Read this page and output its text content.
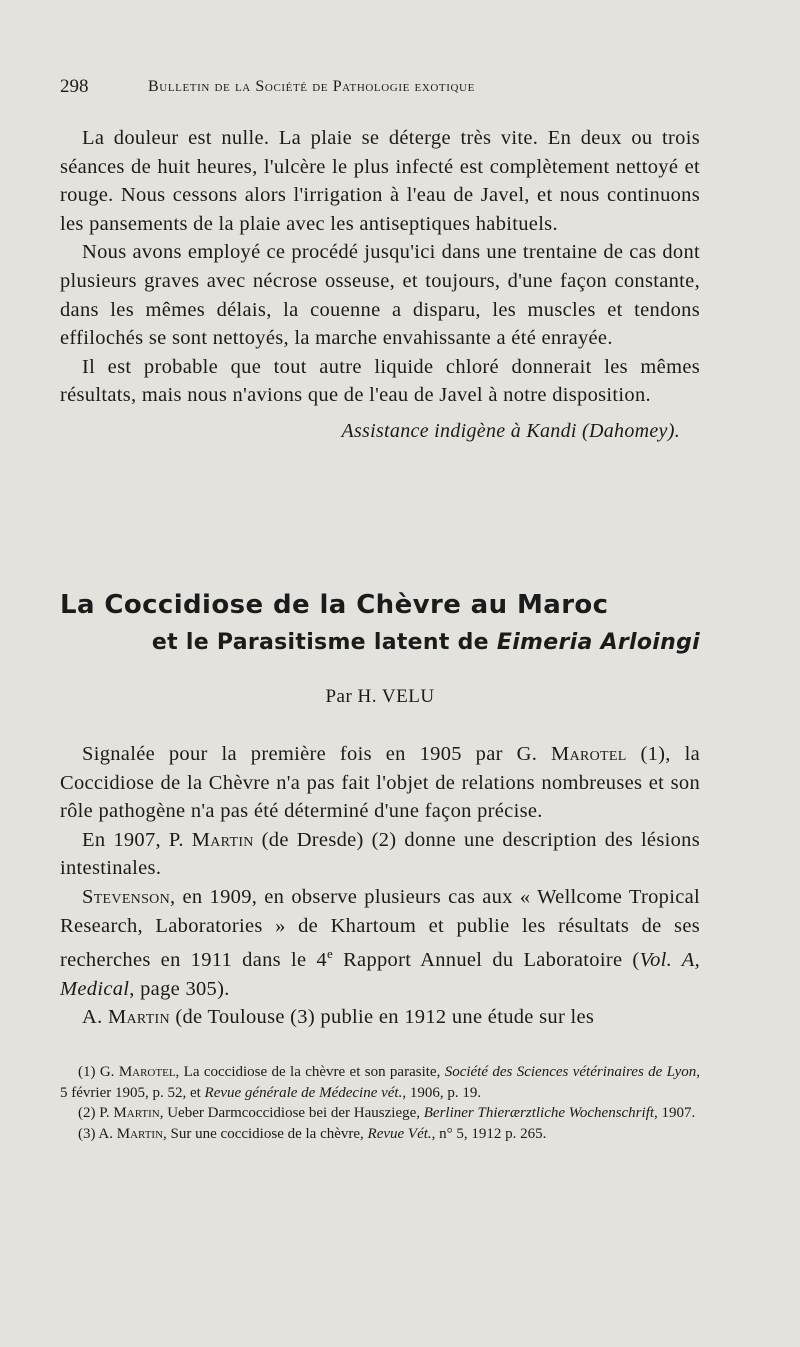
298	Bulletin de la Société de Pathologie exotique

La douleur est nulle. La plaie se déterge très vite. En deux ou trois séances de huit heures, l'ulcère le plus infecté est complètement nettoyé et rouge. Nous cessons alors l'irrigation à l'eau de Javel, et nous continuons les pansements de la plaie avec les antiseptiques habituels.

Nous avons employé ce procédé jusqu'ici dans une trentaine de cas dont plusieurs graves avec nécrose osseuse, et toujours, d'une façon constante, dans les mêmes délais, la couenne a disparu, les muscles et tendons effilochés se sont nettoyés, la marche envahissante a été enrayée.

Il est probable que tout autre liquide chloré donnerait les mêmes résultats, mais nous n'avions que de l'eau de Javel à notre disposition.

Assistance indigène à Kandi (Dahomey).

La Coccidiose de la Chèvre au Maroc

et le Parasitisme latent de Eimeria Arloingi

Par H. VELU

Signalée pour la première fois en 1905 par G. Marotel (1), la Coccidiose de la Chèvre n'a pas fait l'objet de relations nombreuses et son rôle pathogène n'a pas été déterminé d'une façon précise.

En 1907, P. Martin (de Dresde) (2) donne une description des lésions intestinales.

Stevenson, en 1909, en observe plusieurs cas aux « Wellcome Tropical Research, Laboratories » de Khartoum et publie les résultats de ses recherches en 1911 dans le 4e Rapport Annuel du Laboratoire (Vol. A, Medical, page 305).

A. Martin (de Toulouse (3) publie en 1912 une étude sur les

(1) G. Marotel, La coccidiose de la chèvre et son parasite, Société des Sciences vétérinaires de Lyon, 5 février 1905, p. 52, et Revue générale de Médecine vét., 1906, p. 19.

(2) P. Martin, Ueber Darmcoccidiose bei der Hausziege, Berliner Thierærztliche Wochenschrift, 1907.

(3) A. Martin, Sur une coccidiose de la chèvre, Revue Vét., n° 5, 1912 p. 265.
